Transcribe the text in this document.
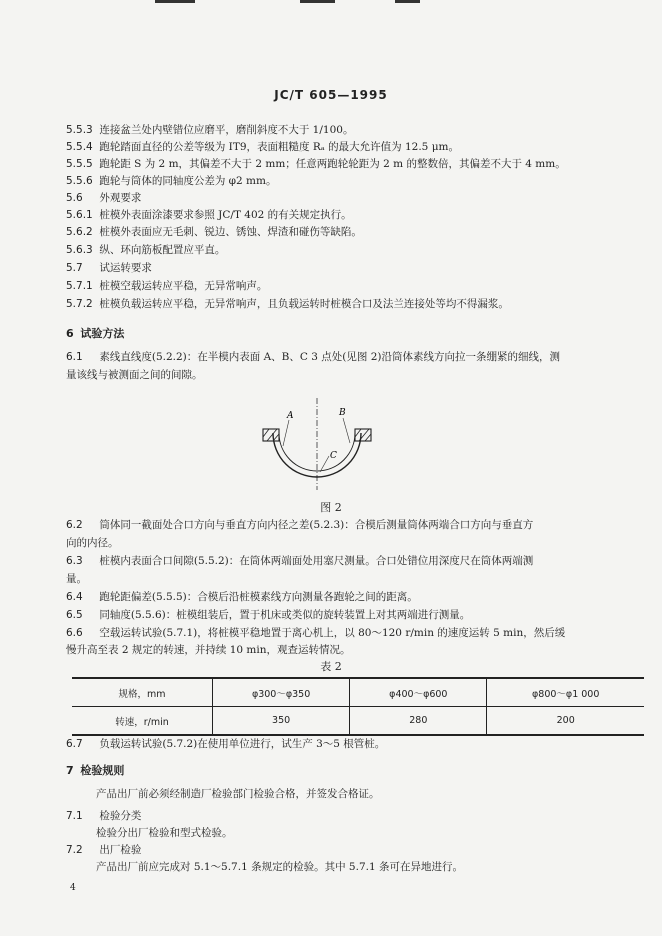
JC/T 605—1995
5.5.3 连接盆兰处内壁错位应磨平，磨削斜度不大于 1/100。
5.5.4 跑轮踏面直径的公差等级为 IT9，表面粗糙度 Rₐ 的最大允许值为 12.5 μm。
5.5.5 跑轮距 S 为 2 m，其偏差不大于 2 mm；任意两跑轮轮距为 2 m 的整数倍，其偏差不大于 4 mm。
5.5.6 跑轮与筒体的同轴度公差为 φ2 mm。
5.6 外观要求
5.6.1 桩模外表面涂漆要求参照 JC/T 402 的有关规定执行。
5.6.2 桩模外表面应无毛刺、锐边、锈蚀、焊渣和碰伤等缺陷。
5.6.3 纵、环向筋板配置应平直。
5.7 试运转要求
5.7.1 桩模空载运转应平稳，无异常响声。
5.7.2 桩模负载运转应平稳，无异常响声，且负载运转时桩模合口及法兰连接处等均不得漏浆。
6 试验方法
6.1 素线直线度(5.2.2)：在半模内表面 A、B、C 3 点处(见图 2)沿筒体素线方向拉一条绷紧的细线，测
量该线与被测面之间的间隙。
A	B
C
图 2
6.2 筒体同一截面处合口方向与垂直方向内径之差(5.2.3)：合模后测量筒体两端合口方向与垂直方
向的内径。
6.3 桩模内表面合口间隙(5.5.2)：在筒体两端面处用塞尺测量。合口处错位用深度尺在筒体两端测
量。
6.4 跑轮距偏差(5.5.5)：合模后沿桩模素线方向测量各跑轮之间的距离。
6.5 同轴度(5.5.6)：桩模组装后，置于机床或类似的旋转装置上对其两端进行测量。
6.6 空载运转试验(5.7.1)，将桩模平稳地置于离心机上，以 80～120 r/min 的速度运转 5 min，然后缓
慢升高至表 2 规定的转速，并持续 10 min，观查运转情况。
表 2
规格，mm	φ300～φ350	φ400～φ600	φ800～φ1 000
转速，r/min	350	280	200
6.7 负载运转试验(5.7.2)在使用单位进行，试生产 3～5 根管桩。
7 检验规则
产品出厂前必须经制造厂检验部门检验合格，并签发合格证。
7.1 检验分类
检验分出厂检验和型式检验。
7.2 出厂检验
产品出厂前应完成对 5.1～5.7.1 条规定的检验。其中 5.7.1 条可在异地进行。
4
